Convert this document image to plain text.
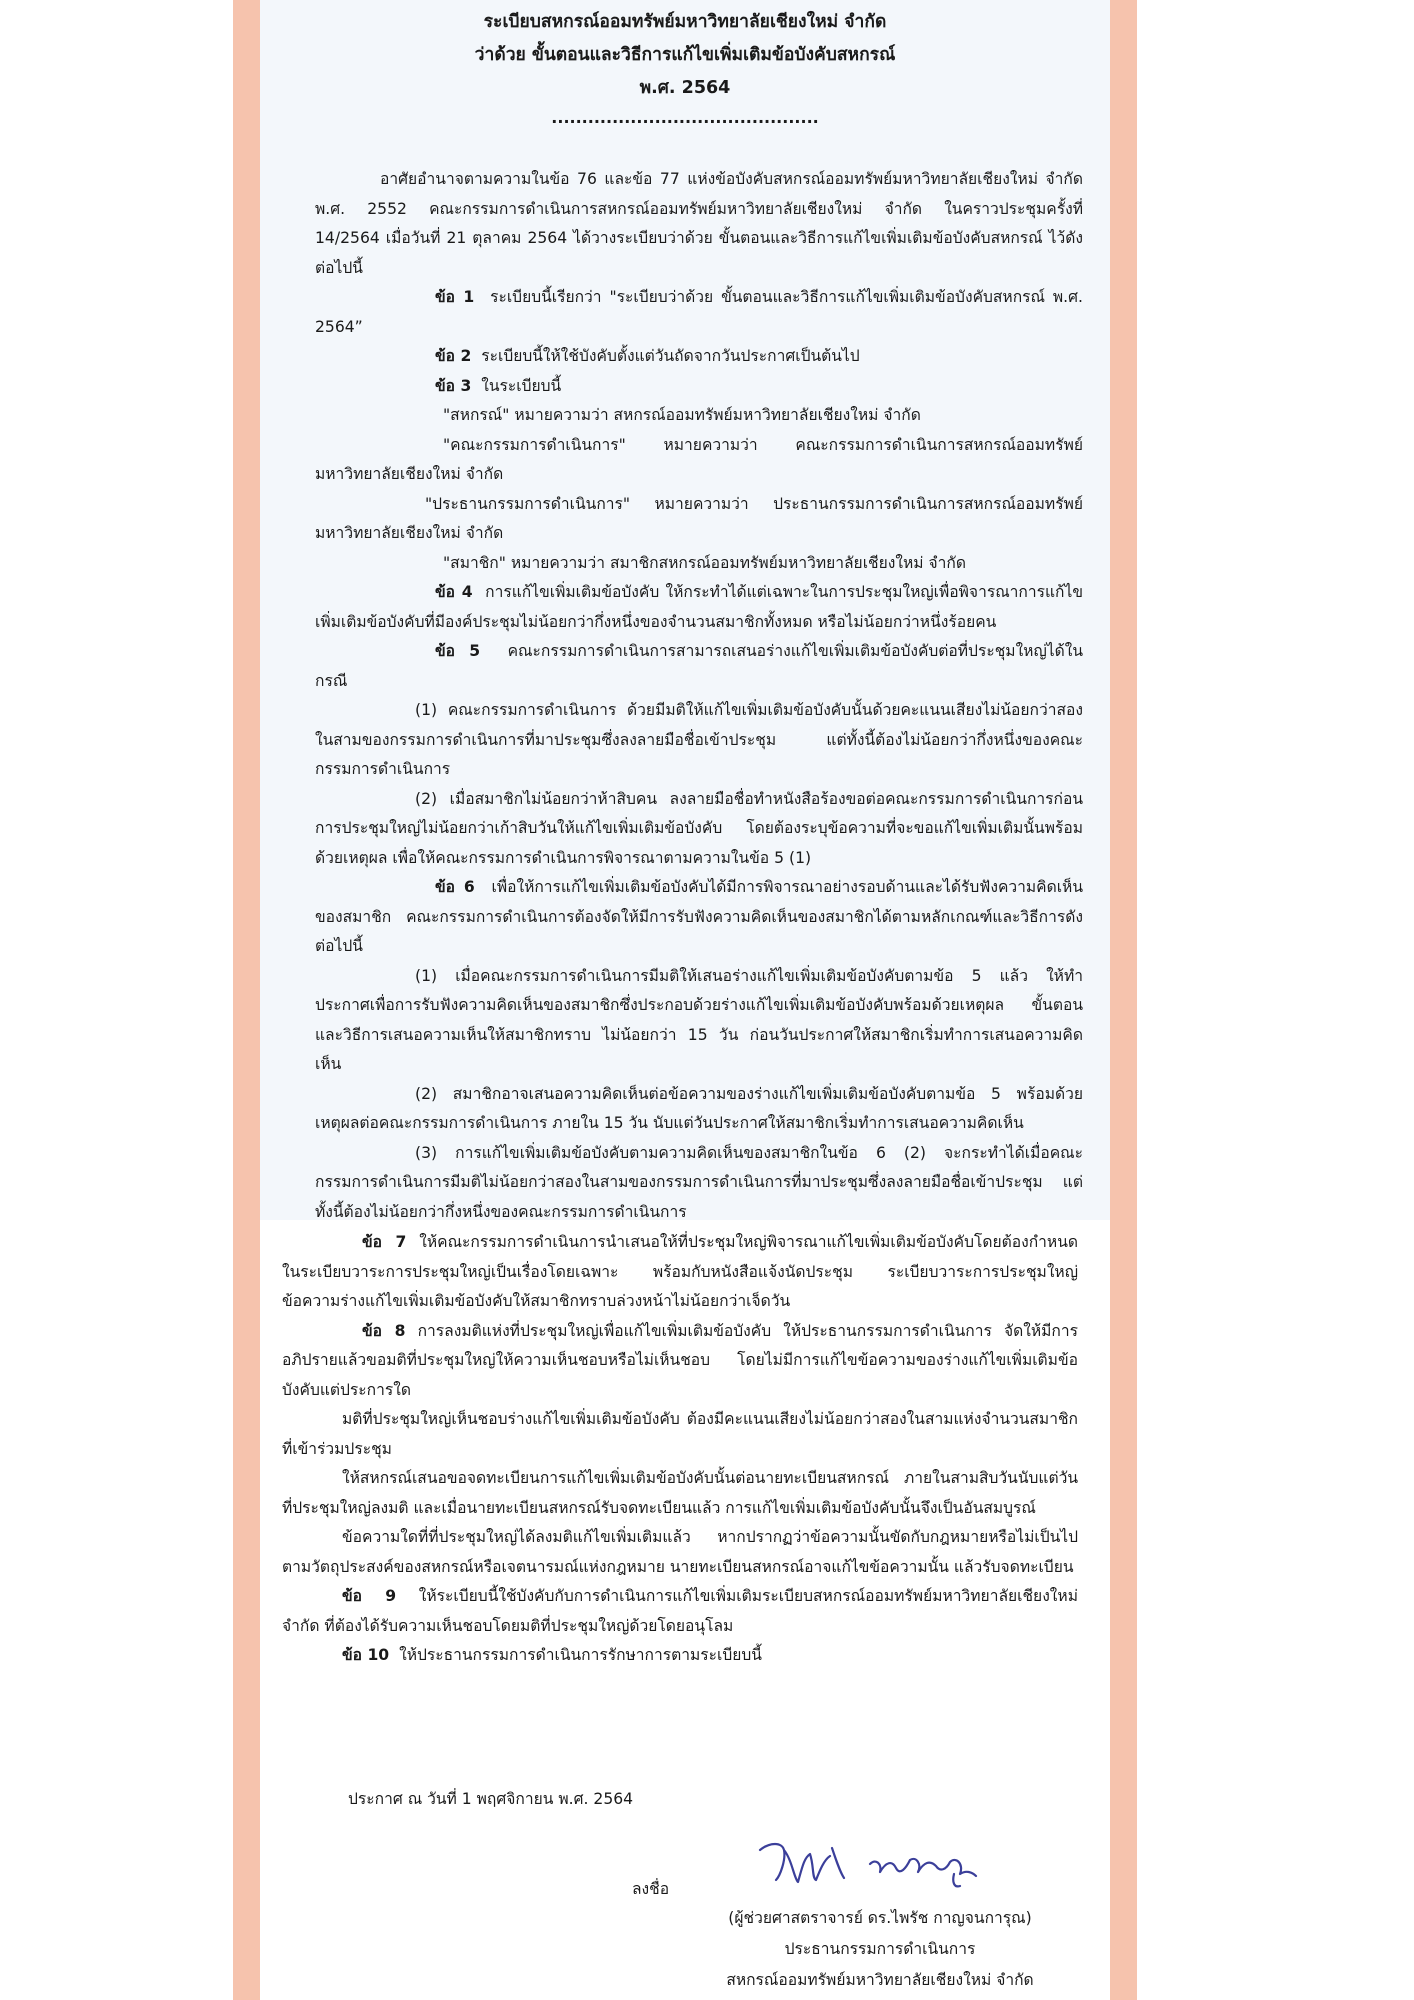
ระเบียบสหกรณ์ออมทรัพย์มหาวิทยาลัยเชียงใหม่ จำกัด
ว่าด้วย ขั้นตอนและวิธีการแก้ไขเพิ่มเติมข้อบังคับสหกรณ์
พ.ศ. 2564
............................................

อาศัยอำนาจตามความในข้อ 76 และข้อ 77 แห่งข้อบังคับสหกรณ์ออมทรัพย์มหาวิทยาลัยเชียงใหม่ จำกัด พ.ศ. 2552 คณะกรรมการดำเนินการสหกรณ์ออมทรัพย์มหาวิทยาลัยเชียงใหม่ จำกัด ในคราวประชุมครั้งที่ 14/2564 เมื่อวันที่ 21 ตุลาคม 2564 ได้วางระเบียบว่าด้วย ขั้นตอนและวิธีการแก้ไขเพิ่มเติมข้อบังคับสหกรณ์ ไว้ดังต่อไปนี้

ข้อ 1 ระเบียบนี้เรียกว่า "ระเบียบว่าด้วย ขั้นตอนและวิธีการแก้ไขเพิ่มเติมข้อบังคับสหกรณ์ พ.ศ. 2564”

ข้อ 2 ระเบียบนี้ให้ใช้บังคับตั้งแต่วันถัดจากวันประกาศเป็นต้นไป

ข้อ 3 ในระเบียบนี้

"สหกรณ์" หมายความว่า สหกรณ์ออมทรัพย์มหาวิทยาลัยเชียงใหม่ จำกัด

"คณะกรรมการดำเนินการ" หมายความว่า คณะกรรมการดำเนินการสหกรณ์ออมทรัพย์มหาวิทยาลัยเชียงใหม่ จำกัด

"ประธานกรรมการดำเนินการ" หมายความว่า ประธานกรรมการดำเนินการสหกรณ์ออมทรัพย์มหาวิทยาลัยเชียงใหม่ จำกัด

"สมาชิก" หมายความว่า สมาชิกสหกรณ์ออมทรัพย์มหาวิทยาลัยเชียงใหม่ จำกัด

ข้อ 4 การแก้ไขเพิ่มเติมข้อบังคับ ให้กระทำได้แต่เฉพาะในการประชุมใหญ่เพื่อพิจารณาการแก้ไขเพิ่มเติมข้อบังคับที่มีองค์ประชุมไม่น้อยกว่ากึ่งหนึ่งของจำนวนสมาชิกทั้งหมด หรือไม่น้อยกว่าหนึ่งร้อยคน

ข้อ 5 คณะกรรมการดำเนินการสามารถเสนอร่างแก้ไขเพิ่มเติมข้อบังคับต่อที่ประชุมใหญ่ได้ในกรณี

(1) คณะกรรมการดำเนินการ ด้วยมีมติให้แก้ไขเพิ่มเติมข้อบังคับนั้นด้วยคะแนนเสียงไม่น้อยกว่าสองในสามของกรรมการดำเนินการที่มาประชุมซึ่งลงลายมือชื่อเข้าประชุม แต่ทั้งนี้ต้องไม่น้อยกว่ากึ่งหนึ่งของคณะกรรมการดำเนินการ

(2) เมื่อสมาชิกไม่น้อยกว่าห้าสิบคน ลงลายมือชื่อทำหนังสือร้องขอต่อคณะกรรมการดำเนินการก่อนการประชุมใหญ่ไม่น้อยกว่าเก้าสิบวันให้แก้ไขเพิ่มเติมข้อบังคับ โดยต้องระบุข้อความที่จะขอแก้ไขเพิ่มเติมนั้นพร้อมด้วยเหตุผล เพื่อให้คณะกรรมการดำเนินการพิจารณาตามความในข้อ 5 (1)

ข้อ 6 เพื่อให้การแก้ไขเพิ่มเติมข้อบังคับได้มีการพิจารณาอย่างรอบด้านและได้รับฟังความคิดเห็นของสมาชิก คณะกรรมการดำเนินการต้องจัดให้มีการรับฟังความคิดเห็นของสมาชิกได้ตามหลักเกณฑ์และวิธีการดังต่อไปนี้

(1) เมื่อคณะกรรมการดำเนินการมีมติให้เสนอร่างแก้ไขเพิ่มเติมข้อบังคับตามข้อ 5 แล้ว ให้ทำประกาศเพื่อการรับฟังความคิดเห็นของสมาชิกซึ่งประกอบด้วยร่างแก้ไขเพิ่มเติมข้อบังคับพร้อมด้วยเหตุผล ขั้นตอนและวิธีการเสนอความเห็นให้สมาชิกทราบ ไม่น้อยกว่า 15 วัน ก่อนวันประกาศให้สมาชิกเริ่มทำการเสนอความคิดเห็น

(2) สมาชิกอาจเสนอความคิดเห็นต่อข้อความของร่างแก้ไขเพิ่มเติมข้อบังคับตามข้อ 5 พร้อมด้วยเหตุผลต่อคณะกรรมการดำเนินการ ภายใน 15 วัน นับแต่วันประกาศให้สมาชิกเริ่มทำการเสนอความคิดเห็น

(3) การแก้ไขเพิ่มเติมข้อบังคับตามความคิดเห็นของสมาชิกในข้อ 6 (2) จะกระทำได้เมื่อคณะกรรมการดำเนินการมีมติไม่น้อยกว่าสองในสามของกรรมการดำเนินการที่มาประชุมซึ่งลงลายมือชื่อเข้าประชุม แต่ทั้งนี้ต้องไม่น้อยกว่ากึ่งหนึ่งของคณะกรรมการดำเนินการ

ข้อ 7 ให้คณะกรรมการดำเนินการนำเสนอให้ที่ประชุมใหญ่พิจารณาแก้ไขเพิ่มเติมข้อบังคับโดยต้องกำหนดในระเบียบวาระการประชุมใหญ่เป็นเรื่องโดยเฉพาะ พร้อมกับหนังสือแจ้งนัดประชุม ระเบียบวาระการประชุมใหญ่ ข้อความร่างแก้ไขเพิ่มเติมข้อบังคับให้สมาชิกทราบล่วงหน้าไม่น้อยกว่าเจ็ดวัน

ข้อ 8 การลงมติแห่งที่ประชุมใหญ่เพื่อแก้ไขเพิ่มเติมข้อบังคับ ให้ประธานกรรมการดำเนินการ จัดให้มีการอภิปรายแล้วขอมติที่ประชุมใหญ่ให้ความเห็นชอบหรือไม่เห็นชอบ โดยไม่มีการแก้ไขข้อความของร่างแก้ไขเพิ่มเติมข้อบังคับแต่ประการใด

มติที่ประชุมใหญ่เห็นชอบร่างแก้ไขเพิ่มเติมข้อบังคับ ต้องมีคะแนนเสียงไม่น้อยกว่าสองในสามแห่งจำนวนสมาชิกที่เข้าร่วมประชุม

ให้สหกรณ์เสนอขอจดทะเบียนการแก้ไขเพิ่มเติมข้อบังคับนั้นต่อนายทะเบียนสหกรณ์ ภายในสามสิบวันนับแต่วันที่ประชุมใหญ่ลงมติ และเมื่อนายทะเบียนสหกรณ์รับจดทะเบียนแล้ว การแก้ไขเพิ่มเติมข้อบังคับนั้นจึงเป็นอันสมบูรณ์

ข้อความใดที่ที่ประชุมใหญ่ได้ลงมติแก้ไขเพิ่มเติมแล้ว หากปรากฏว่าข้อความนั้นขัดกับกฎหมายหรือไม่เป็นไปตามวัตถุประสงค์ของสหกรณ์หรือเจตนารมณ์แห่งกฎหมาย นายทะเบียนสหกรณ์อาจแก้ไขข้อความนั้น แล้วรับจดทะเบียน

ข้อ 9 ให้ระเบียบนี้ใช้บังคับกับการดำเนินการแก้ไขเพิ่มเติมระเบียบสหกรณ์ออมทรัพย์มหาวิทยาลัยเชียงใหม่ จำกัด ที่ต้องได้รับความเห็นชอบโดยมติที่ประชุมใหญ่ด้วยโดยอนุโลม

ข้อ 10 ให้ประธานกรรมการดำเนินการรักษาการตามระเบียบนี้

ประกาศ ณ วันที่ 1 พฤศจิกายน พ.ศ. 2564
ลงชื่อ
(ผู้ช่วยศาสตราจารย์ ดร.ไพรัช กาญจนการุณ)
ประธานกรรมการดำเนินการ
สหกรณ์ออมทรัพย์มหาวิทยาลัยเชียงใหม่ จำกัด
